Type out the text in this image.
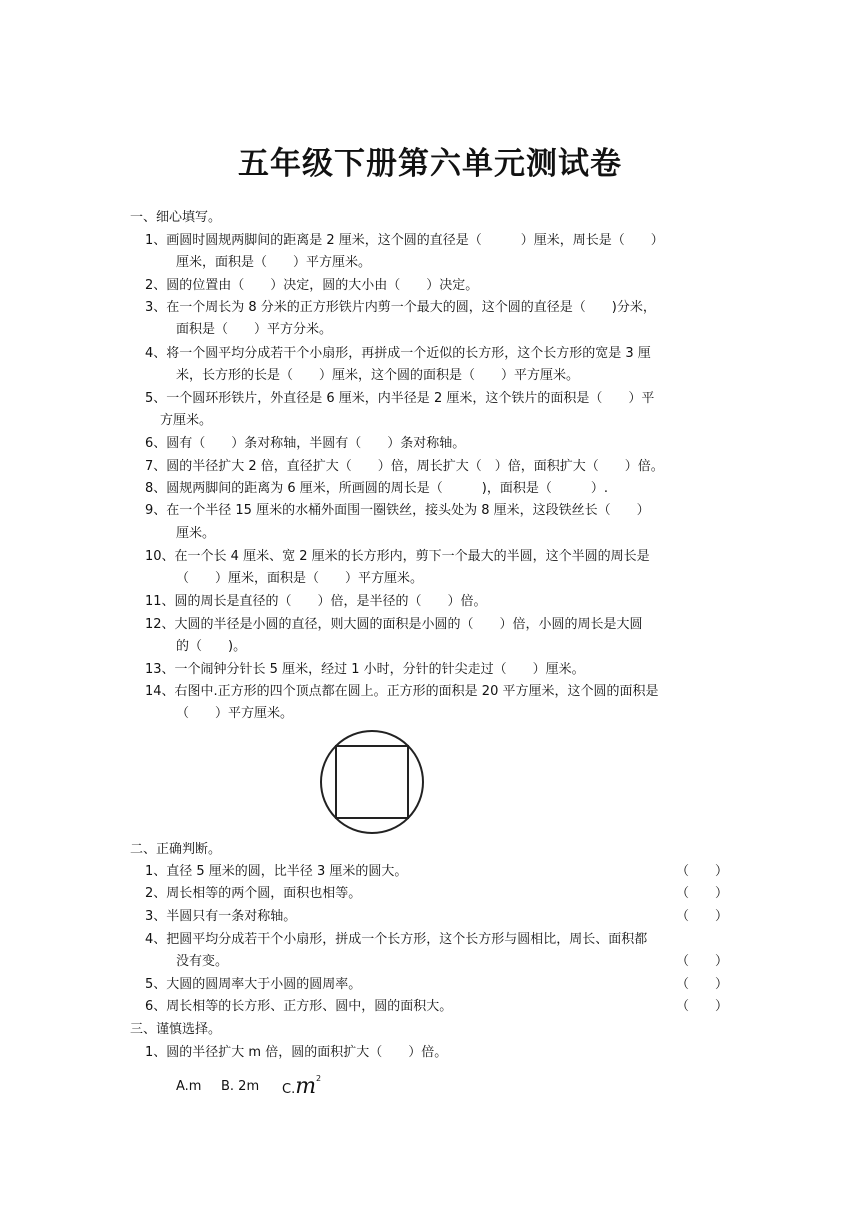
五年级下册第六单元测试卷
一、细心填写。
1、画圆时圆规两脚间的距离是 2 厘米，这个圆的直径是（　　　）厘米，周长是（　　）
厘米，面积是（　　）平方厘米。
2、圆的位置由（　　）决定，圆的大小由（　　）决定。
3、在一个周长为 8 分米的正方形铁片内剪一个最大的圆，这个圆的直径是（　　)分米，
面积是（　　）平方分米。
4、将一个圆平均分成若干个小扇形，再拼成一个近似的长方形，这个长方形的宽是 3 厘
米，长方形的长是（　　）厘米，这个圆的面积是（　　）平方厘米。
5、一个圆环形铁片，外直径是 6 厘米，内半径是 2 厘米，这个铁片的面积是（　　）平
方厘米。
6、圆有（　　）条对称轴，半圆有（　　）条对称轴。
7、圆的半径扩大 2 倍，直径扩大（　　）倍，周长扩大（　）倍，面积扩大（　　）倍。
8、圆规两脚间的距离为 6 厘米，所画圆的周长是（　　　)，面积是（　　　）.
9、在一个半径 15 厘米的水桶外面围一圈铁丝，接头处为 8 厘米，这段铁丝长（　　）
厘米。
10、在一个长 4 厘米、宽 2 厘米的长方形内，剪下一个最大的半圆，这个半圆的周长是
（　　）厘米，面积是（　　）平方厘米。
11、圆的周长是直径的（　　）倍，是半径的（　　）倍。
12、大圆的半径是小圆的直径，则大圆的面积是小圆的（　　）倍，小圆的周长是大圆
的（　　)。
13、一个闹钟分针长 5 厘米，经过 1 小时，分针的针尖走过（　　）厘米。
14、右图中.正方形的四个顶点都在圆上。正方形的面积是 20 平方厘米，这个圆的面积是
（　　）平方厘米。
二、正确判断。
1、直径 5 厘米的圆，比半径 3 厘米的圆大。	（　　）
2、周长相等的两个圆，面积也相等。	（　　）
3、半圆只有一条对称轴。	（　　）
4、把圆平均分成若干个小扇形，拼成一个长方形，这个长方形与圆相比，周长、面积都
没有变。	（　　）
5、大圆的圆周率大于小圆的圆周率。	（　　）
6、周长相等的长方形、正方形、圆中，圆的面积大。	（　　）
三、谨慎选择。
1、圆的半径扩大 m 倍，圆的面积扩大（　　）倍。
A.m B. 2m C.m 2
